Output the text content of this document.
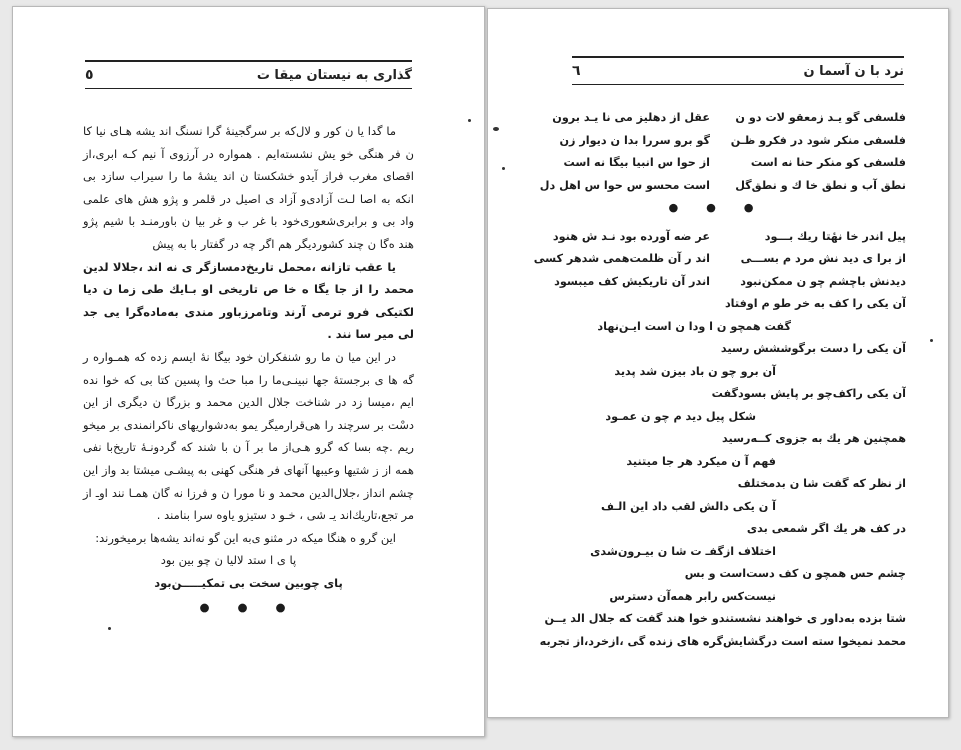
گذاری به نیستان میقا ت
٥

ما گدا یا ن کور و لال‌که بر سرگجینهٔ گرا نسنگ اند یشه هـای نیا کا ن فر هنگی خو یش نشسته‌ایم . همواره در آرزوی آ نیم کـه ابری،از اقصای مغرب فراز آیدو خشکستا ن اند یشهٔ ما را سیراب سازد بی انکه به اصا لـت آزادی‌و آزاد ی اصیل در قلمر و پژو هش های علمی واد بی و برابری‌شعوری‌خود با غر ب و غر بیا ن باورمنـد با شیم پژو هند ه‌گا ن چند کشوردیگر هم اگر چه در گفتار با به پیش

یا عقب تازانه ،محمل تاریخ‌دمسازگر ی نه اند ،جلالا لدین محمد را از جا یگا ه خا ص تاریخی او بـایك طی زما ن دیا لکتیکی فرو ترمی آرند وتامرزباور مندی به‌ماده‌گرا یی جد لی میر سا نند .

در این میا ن ما رو شنفکران خود بیگا نهٔ ایسم زده که همـواره ر گه ها ی برجستهٔ جها نبینـی‌ما را مبا حث وا پسین کتا بی که خوا نده ‌ایم ،میسا زد در شناخت جلال الدین محمد و بزرگا ن دیگری از این دسْت بر سرچند را هی‌قرارمیگر یمو به‌دشواریهای ناکرانمندی بر میخو ریم .چه بسا که گرو هـی‌از ما بر آ ن با شند که گردونـهٔ تاریخ‌با نفی همه از ز شتیها وعیبها آنهای فر هنگی کهنی به پیشـی میشتا بد واز این چشم انداز ،جلال‌الدین محمد و نا مورا ن و فرزا نه گان همـا نند اوـ از مر تجع،تاریك‌اند یـ شی ، خـو د ستیزو یاوه سرا بنامند .

این گرو ه هنگا میکه در مثنو ی‌به این گو نه‌اند یشه‌ها برمیخورند:

پا ی ا ستد لالیا ن چو بین بود
پای چوبین سخت بی تمکیـــــن‌بود
● ● ●
نرد با ن آسما ن
٦
فلسفی گو یـد زمعقو لات دو ن
فلسفی منکر شود در فکرو ظـن
فلسفی کو منکر حنا نه است
نطق آب و نطق خا ك و نطق‌گل
عقل از دهلیز می نا یـد برون
گو برو سررا بدا ن دیوار زن
از حوا س انبیا بیگا نه است
است محسو س حوا س اهل دل
● ● ●
پیل اندر خا نهٔتا ریك بـــود
از برا ی دید نش مرد م بســـی
دیدنش باچشم چو ن ممکن‌نبود
آن یکی را کف به خر طو م اوفتاد
عر ضه آورده بود نـد ش هنود
اند ر آن ظلمت‌همی شدهر کسی
اندر آن تاریکیش کف میبسود
گفت همچو ن ا ودا ن است ایـن‌نهاد
آن یکی را دست برگوششش رسید
آن برو چو ن باد بیزن شد پدید
آن یکی راکف‌چو بر پایش بسود‌گفت
شکل پیل دید م چو ن عمـود
همچنین هر یك به جزوی کــه‌رسید
فهم آ ن میکرد هر جا میتنید
از نظر که گفت شا ن بدمختلف
آ ن یکی دالش لقب داد این الـف
در کف هر یك اگر شمعی بدی‌
اختلاف ازگفـ ت شا ن بیـرون‌شدی
چشم حس همچو ن کف دست‌است و بس
نیست‌کس رابر همه‌آن دسترس
شتا بزده به‌داور ی خواهند نشستندو خوا هند گفت که جلال الد یــن
محمد نمیخوا سته است درگشایش‌گره های زنده گی ،ازخرد،از تجربه
